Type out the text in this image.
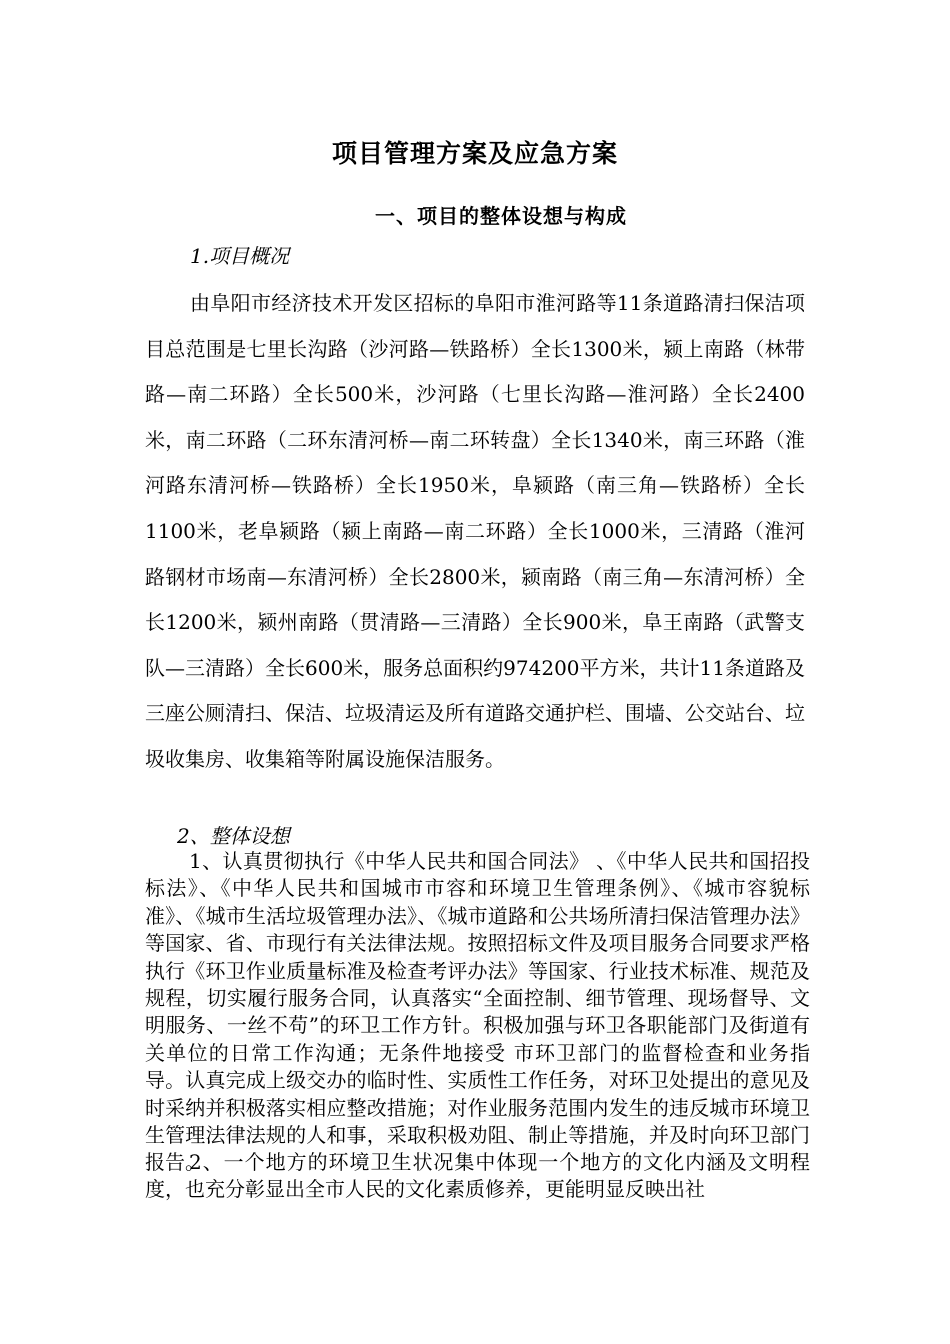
项目管理方案及应急方案
一、项目的整体设想与构成
1.项目概况
由阜阳市经济技术开发区招标的阜阳市淮河路等11条道路清扫保洁项目总范围是七里长沟路（沙河路—铁路桥）全长1300米，颍上南路（林带路—南二环路）全长500米，沙河路（七里长沟路—淮河路）全长2400米，南二环路（二环东清河桥—南二环转盘）全长1340米，南三环路（淮河路东清河桥—铁路桥）全长1950米，阜颍路（南三角—铁路桥）全长1100米，老阜颍路（颍上南路—南二环路）全长1000米，三清路（淮河路钢材市场南—东清河桥）全长2800米，颍南路（南三角—东清河桥）全长1200米，颍州南路（贯清路—三清路）全长900米，阜王南路（武警支队—三清路）全长600米，服务总面积约974200平方米，共计11条道路及三座公厕清扫、保洁、垃圾清运及所有道路交通护栏、围墙、公交站台、垃圾收集房、收集箱等附属设施保洁服务。
2、整体设想
1、认真贯彻执行《中华人民共和国合同法》 、《中华人民共和国招投标法》、《中华人民共和国城市市容和环境卫生管理条例》、《城市容貌标准》、《城市生活垃圾管理办法》、《城市道路和公共场所清扫保洁管理办法》等国家、省、市现行有关法律法规。按照招标文件及项目服务合同要求严格执行《环卫作业质量标准及检查考评办法》等国家、行业技术标准、规范及规程，切实履行服务合同，认真落实“全面控制、细节管理、现场督导、文明服务、一丝不苟”的环卫工作方针。积极加强与环卫各职能部门及街道有关单位的日常工作沟通；无条件地接受 市环卫部门的监督检查和业务指导。认真完成上级交办的临时性、实质性工作任务，对环卫处提出的意见及时采纳并积极落实相应整改措施；对作业服务范围内发生的违反城市环境卫生管理法律法规的人和事，采取积极劝阻、制止等措施，并及时向环卫部门报告。
2、一个地方的环境卫生状况集中体现一个地方的文化内涵及文明程度，也充分彰显出全市人民的文化素质修养，更能明显反映出社
